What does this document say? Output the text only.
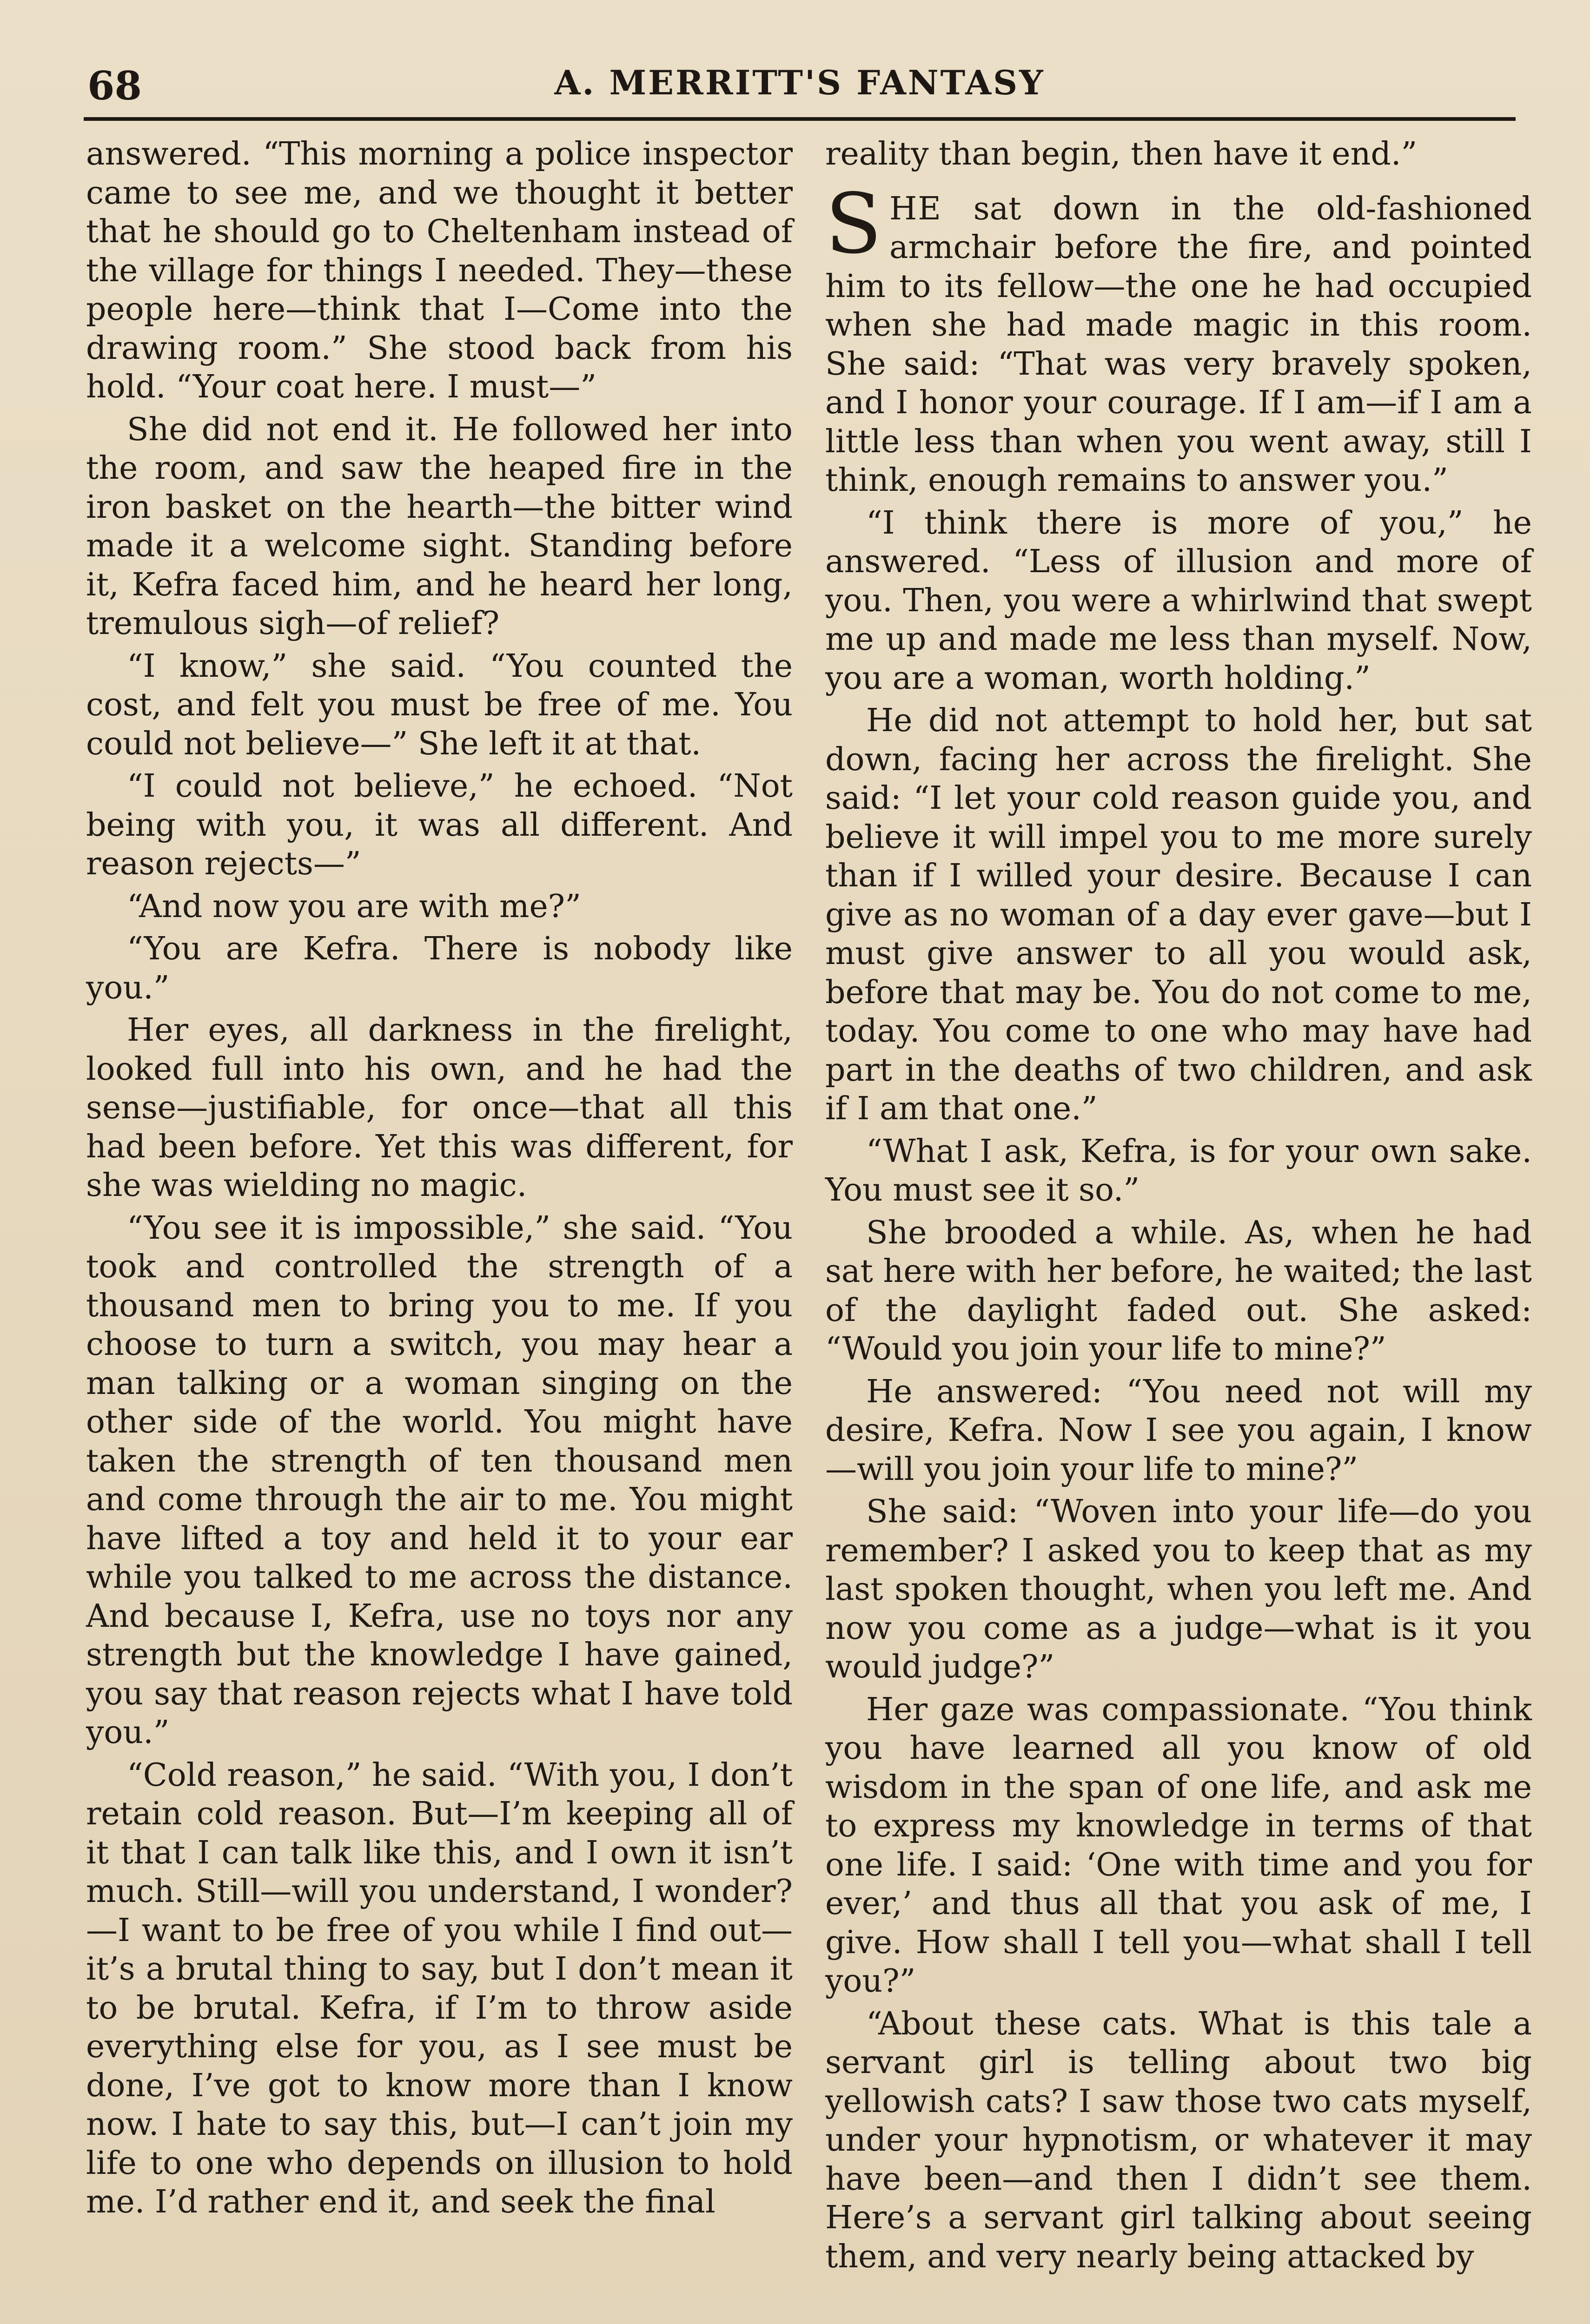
68	A. MERRITT'S FANTASY

answered. “This morning a police inspector came to see me, and we thought it better that he should go to Cheltenham instead of the village for things I needed. They—these people here—think that I—Come into the drawing room.” She stood back from his hold. “Your coat here. I must—”

She did not end it. He followed her into the room, and saw the heaped fire in the iron basket on the hearth—the bitter wind made it a welcome sight. Standing before it, Kefra faced him, and he heard her long, tremulous sigh—of relief?

“I know,” she said. “You counted the cost, and felt you must be free of me. You could not believe—” She left it at that.

“I could not believe,” he echoed. “Not being with you, it was all different. And reason rejects—”

“And now you are with me?”

“You are Kefra. There is nobody like you.”

Her eyes, all darkness in the firelight, looked full into his own, and he had the sense—justifiable, for once—that all this had been before. Yet this was different, for she was wielding no magic.

“You see it is impossible,” she said. “You took and controlled the strength of a thousand men to bring you to me. If you choose to turn a switch, you may hear a man talking or a woman singing on the other side of the world. You might have taken the strength of ten thousand men and come through the air to me. You might have lifted a toy and held it to your ear while you talked to me across the distance. And because I, Kefra, use no toys nor any strength but the knowledge I have gained, you say that reason rejects what I have told you.”

“Cold reason,” he said. “With you, I don’t retain cold reason. But—I’m keeping all of it that I can talk like this, and I own it isn’t much. Still—will you understand, I wonder?—I want to be free of you while I find out—it’s a brutal thing to say, but I don’t mean it to be brutal. Kefra, if I’m to throw aside everything else for you, as I see must be done, I’ve got to know more than I know now. I hate to say this, but—I can’t join my life to one who depends on illusion to hold me. I’d rather end it, and seek the final

reality than begin, then have it end.”

SHE sat down in the old-fashioned armchair before the fire, and pointed him to its fellow—the one he had occupied when she had made magic in this room. She said: “That was very bravely spoken, and I honor your courage. If I am—if I am a little less than when you went away, still I think, enough remains to answer you.”

“I think there is more of you,” he answered. “Less of illusion and more of you. Then, you were a whirlwind that swept me up and made me less than myself. Now, you are a woman, worth holding.”

He did not attempt to hold her, but sat down, facing her across the firelight. She said: “I let your cold reason guide you, and believe it will impel you to me more surely than if I willed your desire. Because I can give as no woman of a day ever gave—but I must give answer to all you would ask, before that may be. You do not come to me, today. You come to one who may have had part in the deaths of two children, and ask if I am that one.”

“What I ask, Kefra, is for your own sake. You must see it so.”

She brooded a while. As, when he had sat here with her before, he waited; the last of the daylight faded out. She asked: “Would you join your life to mine?”

He answered: “You need not will my desire, Kefra. Now I see you again, I know—will you join your life to mine?”

She said: “Woven into your life—do you remember? I asked you to keep that as my last spoken thought, when you left me. And now you come as a judge—what is it you would judge?”

Her gaze was compassionate. “You think you have learned all you know of old wisdom in the span of one life, and ask me to express my knowledge in terms of that one life. I said: ‘One with time and you for ever,’ and thus all that you ask of me, I give. How shall I tell you—what shall I tell you?”

“About these cats. What is this tale a servant girl is telling about two big yellowish cats? I saw those two cats myself, under your hypnotism, or whatever it may have been—and then I didn’t see them. Here’s a servant girl talking about seeing them, and very nearly being attacked by
